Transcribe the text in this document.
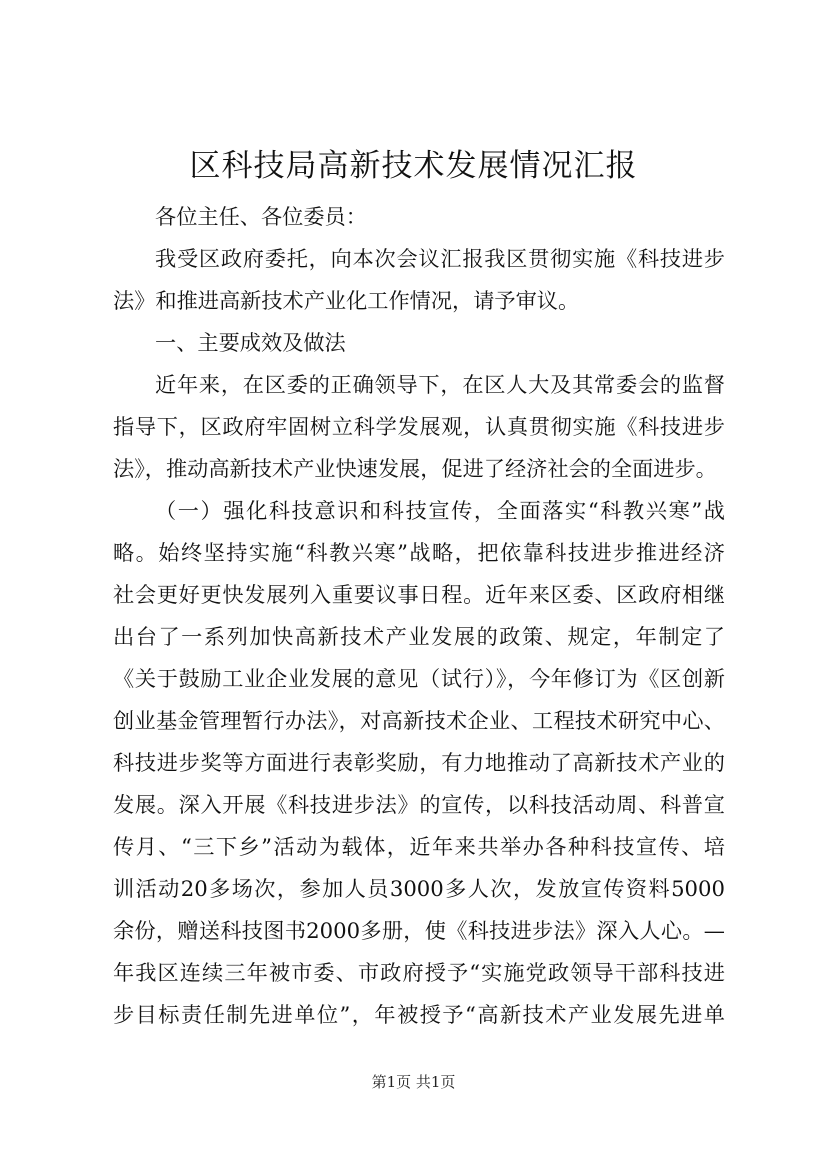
区科技局高新技术发展情况汇报
各位主任、各位委员：
我受区政府委托，向本次会议汇报我区贯彻实施《科技进步
法》和推进高新技术产业化工作情况，请予审议。
一、主要成效及做法
近年来，在区委的正确领导下，在区人大及其常委会的监督
指导下，区政府牢固树立科学发展观，认真贯彻实施《科技进步
法》，推动高新技术产业快速发展，促进了经济社会的全面进步。
（一）强化科技意识和科技宣传，全面落实“科教兴寒”战
略。始终坚持实施“科教兴寒”战略，把依靠科技进步推进经济
社会更好更快发展列入重要议事日程。近年来区委、区政府相继
出台了一系列加快高新技术产业发展的政策、规定，年制定了
《关于鼓励工业企业发展的意见（试行）》，今年修订为《区创新
创业基金管理暂行办法》，对高新技术企业、工程技术研究中心、
科技进步奖等方面进行表彰奖励，有力地推动了高新技术产业的
发展。深入开展《科技进步法》的宣传，以科技活动周、科普宣
传月、“三下乡”活动为载体，近年来共举办各种科技宣传、培
训活动20多场次，参加人员3000多人次，发放宣传资料5000
余份，赠送科技图书2000多册，使《科技进步法》深入人心。—
年我区连续三年被市委、市政府授予“实施党政领导干部科技进
步目标责任制先进单位”，年被授予“高新技术产业发展先进单
第1页 共1页
